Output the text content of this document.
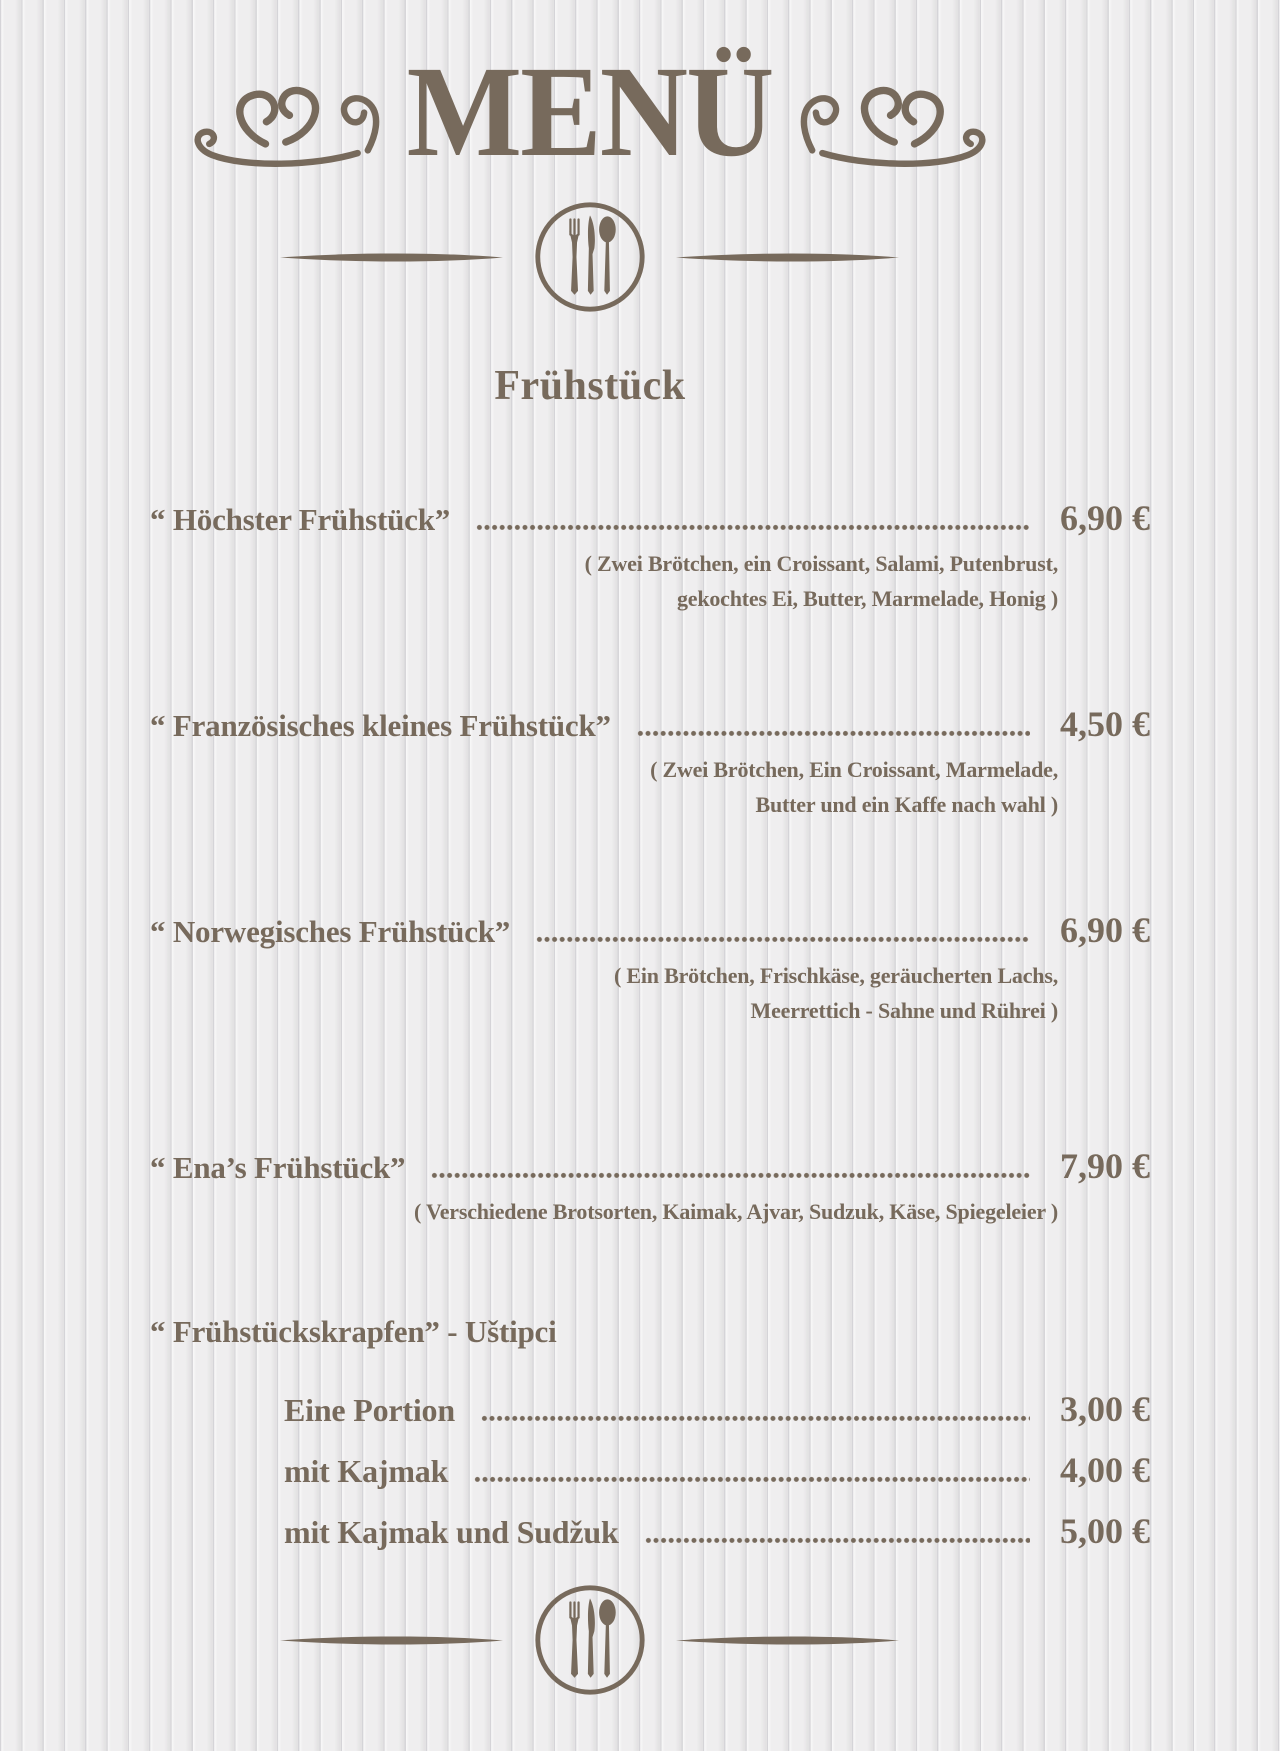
MENÜ
Frühstück
“ Höchster Frühstück”	6,90 €
( Zwei Brötchen, ein Croissant, Salami, Putenbrust,
gekochtes Ei, Butter, Marmelade, Honig )
“ Französisches kleines Frühstück”	4,50 €
( Zwei Brötchen, Ein Croissant, Marmelade,
Butter und ein Kaffe nach wahl )
“ Norwegisches Frühstück”	6,90 €
( Ein Brötchen, Frischkäse, geräucherten Lachs,
Meerrettich - Sahne und Rührei )
“ Ena’s Frühstück”	7,90 €
( Verschiedene Brotsorten, Kaimak, Ajvar, Sudzuk, Käse, Spiegeleier )
“ Frühstückskrapfen” - Uštipci
Eine Portion	3,00 €
mit Kajmak	4,00 €
mit Kajmak und Sudžuk	5,00 €
